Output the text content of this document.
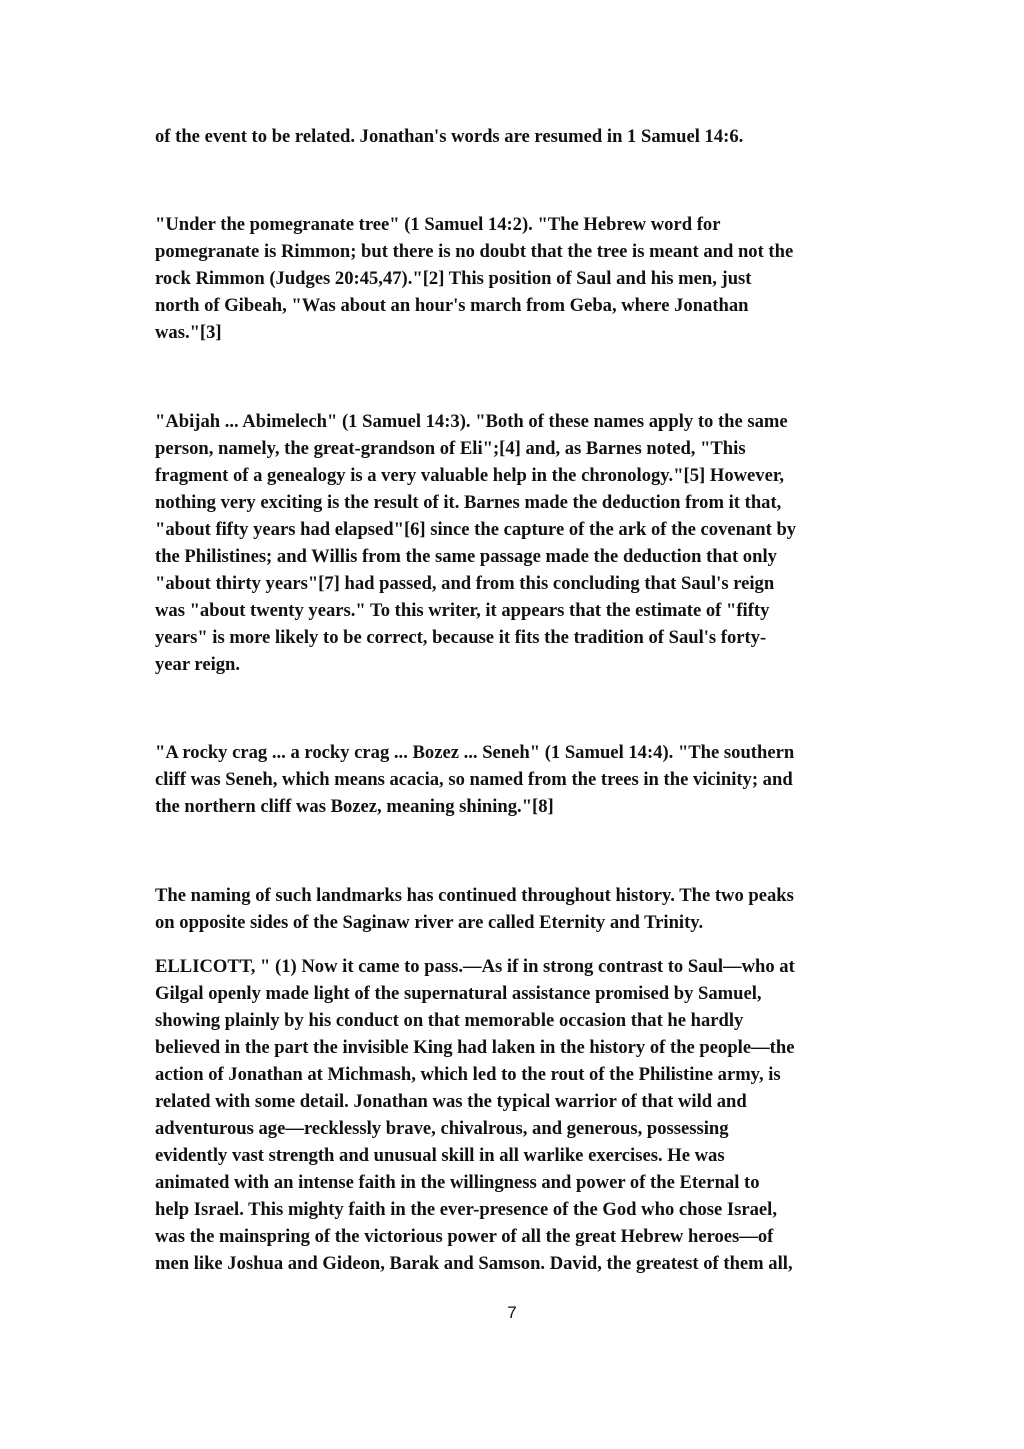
of the event to be related. Jonathan's words are resumed in 1 Samuel 14:6.

"Under the pomegranate tree" (1 Samuel 14:2). "The Hebrew word for
pomegranate is Rimmon; but there is no doubt that the tree is meant and not the
rock Rimmon (Judges 20:45,47)."[2] This position of Saul and his men, just
north of Gibeah, "Was about an hour's march from Geba, where Jonathan
was."[3]

"Abijah ... Abimelech" (1 Samuel 14:3). "Both of these names apply to the same
person, namely, the great-grandson of Eli";[4] and, as Barnes noted, "This
fragment of a genealogy is a very valuable help in the chronology."[5] However,
nothing very exciting is the result of it. Barnes made the deduction from it that,
"about fifty years had elapsed"[6] since the capture of the ark of the covenant by
the Philistines; and Willis from the same passage made the deduction that only
"about thirty years"[7] had passed, and from this concluding that Saul's reign
was "about twenty years." To this writer, it appears that the estimate of "fifty
years" is more likely to be correct, because it fits the tradition of Saul's forty-
year reign.

"A rocky crag ... a rocky crag ... Bozez ... Seneh" (1 Samuel 14:4). "The southern
cliff was Seneh, which means acacia, so named from the trees in the vicinity; and
the northern cliff was Bozez, meaning shining."[8]

The naming of such landmarks has continued throughout history. The two peaks
on opposite sides of the Saginaw river are called Eternity and Trinity.

ELLICOTT, " (1) Now it came to pass.—As if in strong contrast to Saul—who at
Gilgal openly made light of the supernatural assistance promised by Samuel,
showing plainly by his conduct on that memorable occasion that he hardly
believed in the part the invisible King had laken in the history of the people—the
action of Jonathan at Michmash, which led to the rout of the Philistine army, is
related with some detail. Jonathan was the typical warrior of that wild and
adventurous age—recklessly brave, chivalrous, and generous, possessing
evidently vast strength and unusual skill in all warlike exercises. He was
animated with an intense faith in the willingness and power of the Eternal to
help Israel. This mighty faith in the ever-presence of the God who chose Israel,
was the mainspring of the victorious power of all the great Hebrew heroes—of
men like Joshua and Gideon, Barak and Samson. David, the greatest of them all,

7
